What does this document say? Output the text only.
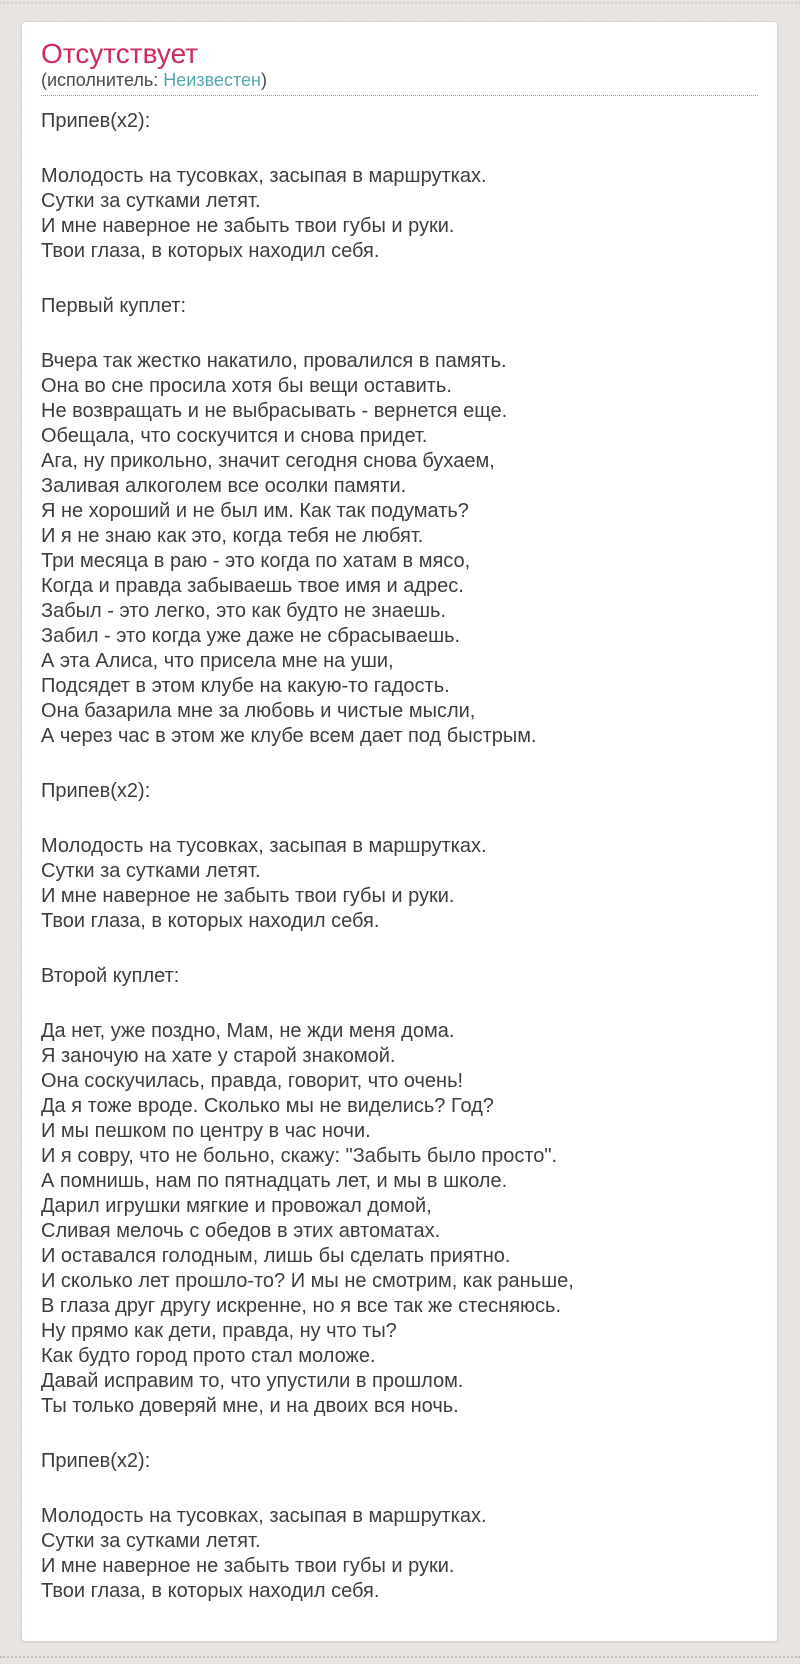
Отсутствует
(исполнитель: Неизвестен)

Припев(x2):

Молодость на тусовках, засыпая в маршрутках.
Сутки за сутками летят.
И мне наверное не забыть твои губы и руки.
Твои глаза, в которых находил себя.

Первый куплет:

Вчера так жестко накатило, провалился в память.
Она во сне просила хотя бы вещи оставить.
Не возвращать и не выбрасывать - вернется еще.
Обещала, что соскучится и снова придет.
Ага, ну прикольно, значит сегодня снова бухаем,
Заливая алкоголем все осолки памяти.
Я не хороший и не был им. Как так подумать?
И я не знаю как это, когда тебя не любят.
Три месяца в раю - это когда по хатам в мясо,
Когда и правда забываешь твое имя и адрес.
Забыл - это легко, это как будто не знаешь.
Забил - это когда уже даже не сбрасываешь.
А эта Алиса, что присела мне на уши,
Подсядет в этом клубе на какую-то гадость.
Она базарила мне за любовь и чистые мысли,
А через час в этом же клубе всем дает под быстрым.

Припев(x2):

Молодость на тусовках, засыпая в маршрутках.
Сутки за сутками летят.
И мне наверное не забыть твои губы и руки.
Твои глаза, в которых находил себя.

Второй куплет:

Да нет, уже поздно, Мам, не жди меня дома.
Я заночую на хате у старой знакомой.
Она соскучилась, правда, говорит, что очень!
Да я тоже вроде. Сколько мы не виделись? Год?
И мы пешком по центру в час ночи.
И я совру, что не больно, скажу: "Забыть было просто".
А помнишь, нам по пятнадцать лет, и мы в школе.
Дарил игрушки мягкие и провожал домой,
Сливая мелочь с обедов в этих автоматах.
И оставался голодным, лишь бы сделать приятно.
И сколько лет прошло-то? И мы не смотрим, как раньше,
В глаза друг другу искренне, но я все так же стесняюсь.
Ну прямо как дети, правда, ну что ты?
Как будто город прото стал моложе.
Давай исправим то, что упустили в прошлом.
Ты только доверяй мне, и на двоих вся ночь.

Припев(x2):

Молодость на тусовках, засыпая в маршрутках.
Сутки за сутками летят.
И мне наверное не забыть твои губы и руки.
Твои глаза, в которых находил себя.
